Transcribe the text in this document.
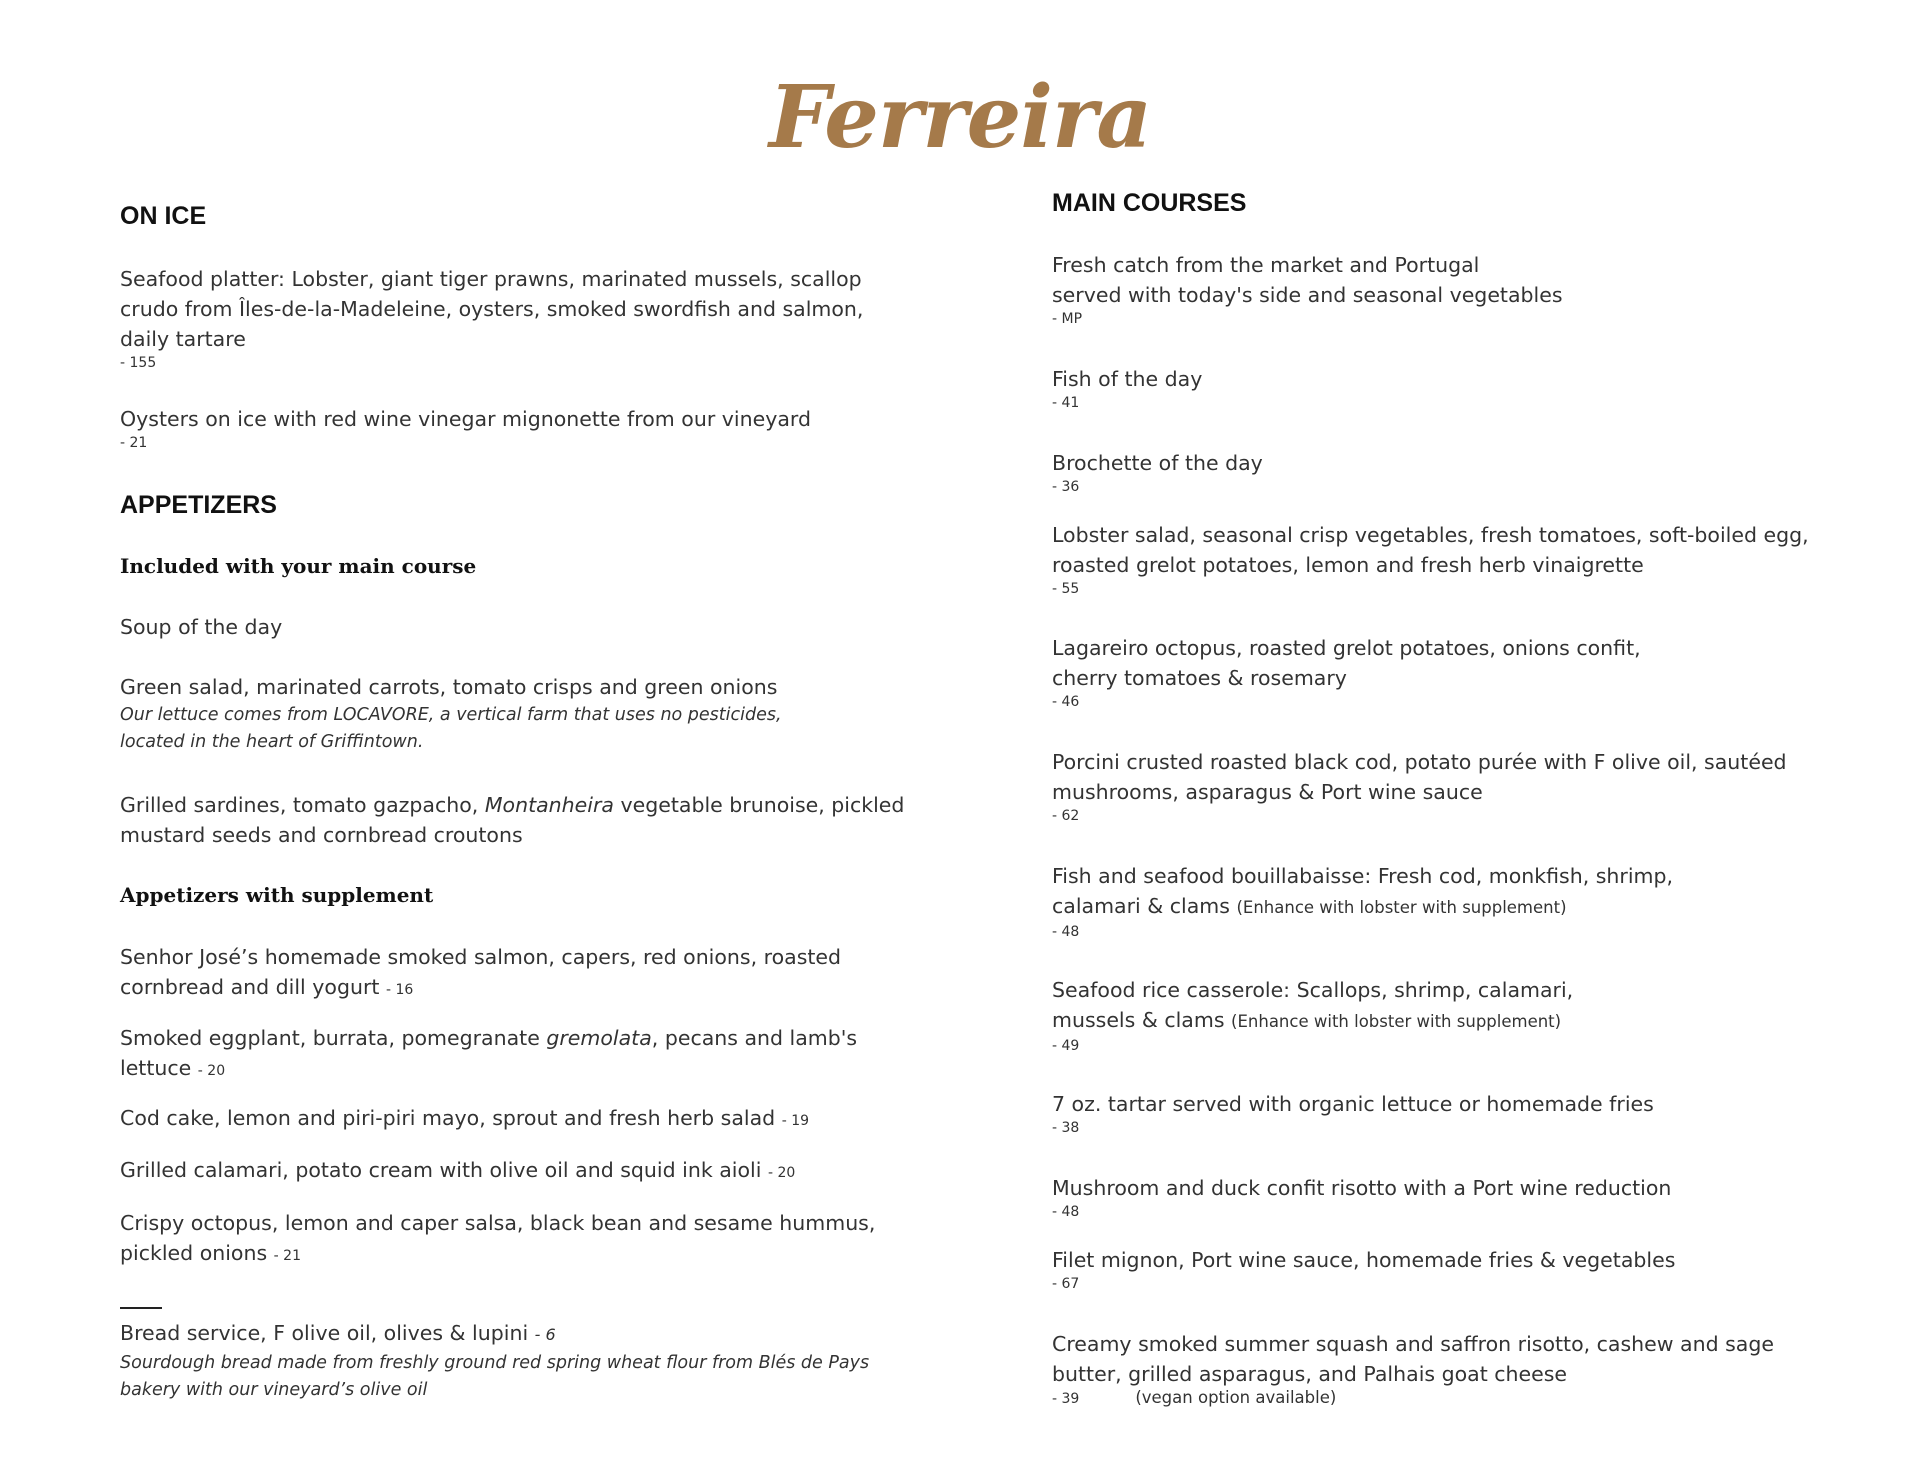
Ferreira
ON ICE
Seafood platter: Lobster, giant tiger prawns, marinated mussels, scallop
crudo from Îles-de-la-Madeleine, oysters, smoked swordfish and salmon,
daily tartare
- 155
Oysters on ice with red wine vinegar mignonette from our vineyard
- 21
APPETIZERS
Included with your main course
Soup of the day
Green salad, marinated carrots, tomato crisps and green onions
Our lettuce comes from LOCAVORE, a vertical farm that uses no pesticides,
located in the heart of Griffintown.
Grilled sardines, tomato gazpacho, Montanheira vegetable brunoise, pickled
mustard seeds and cornbread croutons
Appetizers with supplement
Senhor José’s homemade smoked salmon, capers, red onions, roasted
cornbread and dill yogurt - 16
Smoked eggplant, burrata, pomegranate gremolata, pecans and lamb's
lettuce - 20
Cod cake, lemon and piri-piri mayo, sprout and fresh herb salad - 19
Grilled calamari, potato cream with olive oil and squid ink aioli - 20
Crispy octopus, lemon and caper salsa, black bean and sesame hummus,
pickled onions - 21
Bread service, F olive oil, olives & lupini - 6
Sourdough bread made from freshly ground red spring wheat flour from Blés de Pays
bakery with our vineyard’s olive oil
MAIN COURSES
Fresh catch from the market and Portugal
served with today's side and seasonal vegetables
- MP
Fish of the day
- 41
Brochette of the day
- 36
Lobster salad, seasonal crisp vegetables, fresh tomatoes, soft-boiled egg,
roasted grelot potatoes, lemon and fresh herb vinaigrette
- 55
Lagareiro octopus, roasted grelot potatoes, onions confit,
cherry tomatoes & rosemary
- 46
Porcini crusted roasted black cod, potato purée with F olive oil, sautéed
mushrooms, asparagus & Port wine sauce
- 62
Fish and seafood bouillabaisse: Fresh cod, monkfish, shrimp,
calamari & clams (Enhance with lobster with supplement)
- 48
Seafood rice casserole: Scallops, shrimp, calamari,
mussels & clams (Enhance with lobster with supplement)
- 49
7 oz. tartar served with organic lettuce or homemade fries
- 38
Mushroom and duck confit risotto with a Port wine reduction
- 48
Filet mignon, Port wine sauce, homemade fries & vegetables
- 67
Creamy smoked summer squash and saffron risotto, cashew and sage
butter, grilled asparagus, and Palhais goat cheese
- 39	(vegan option available)
